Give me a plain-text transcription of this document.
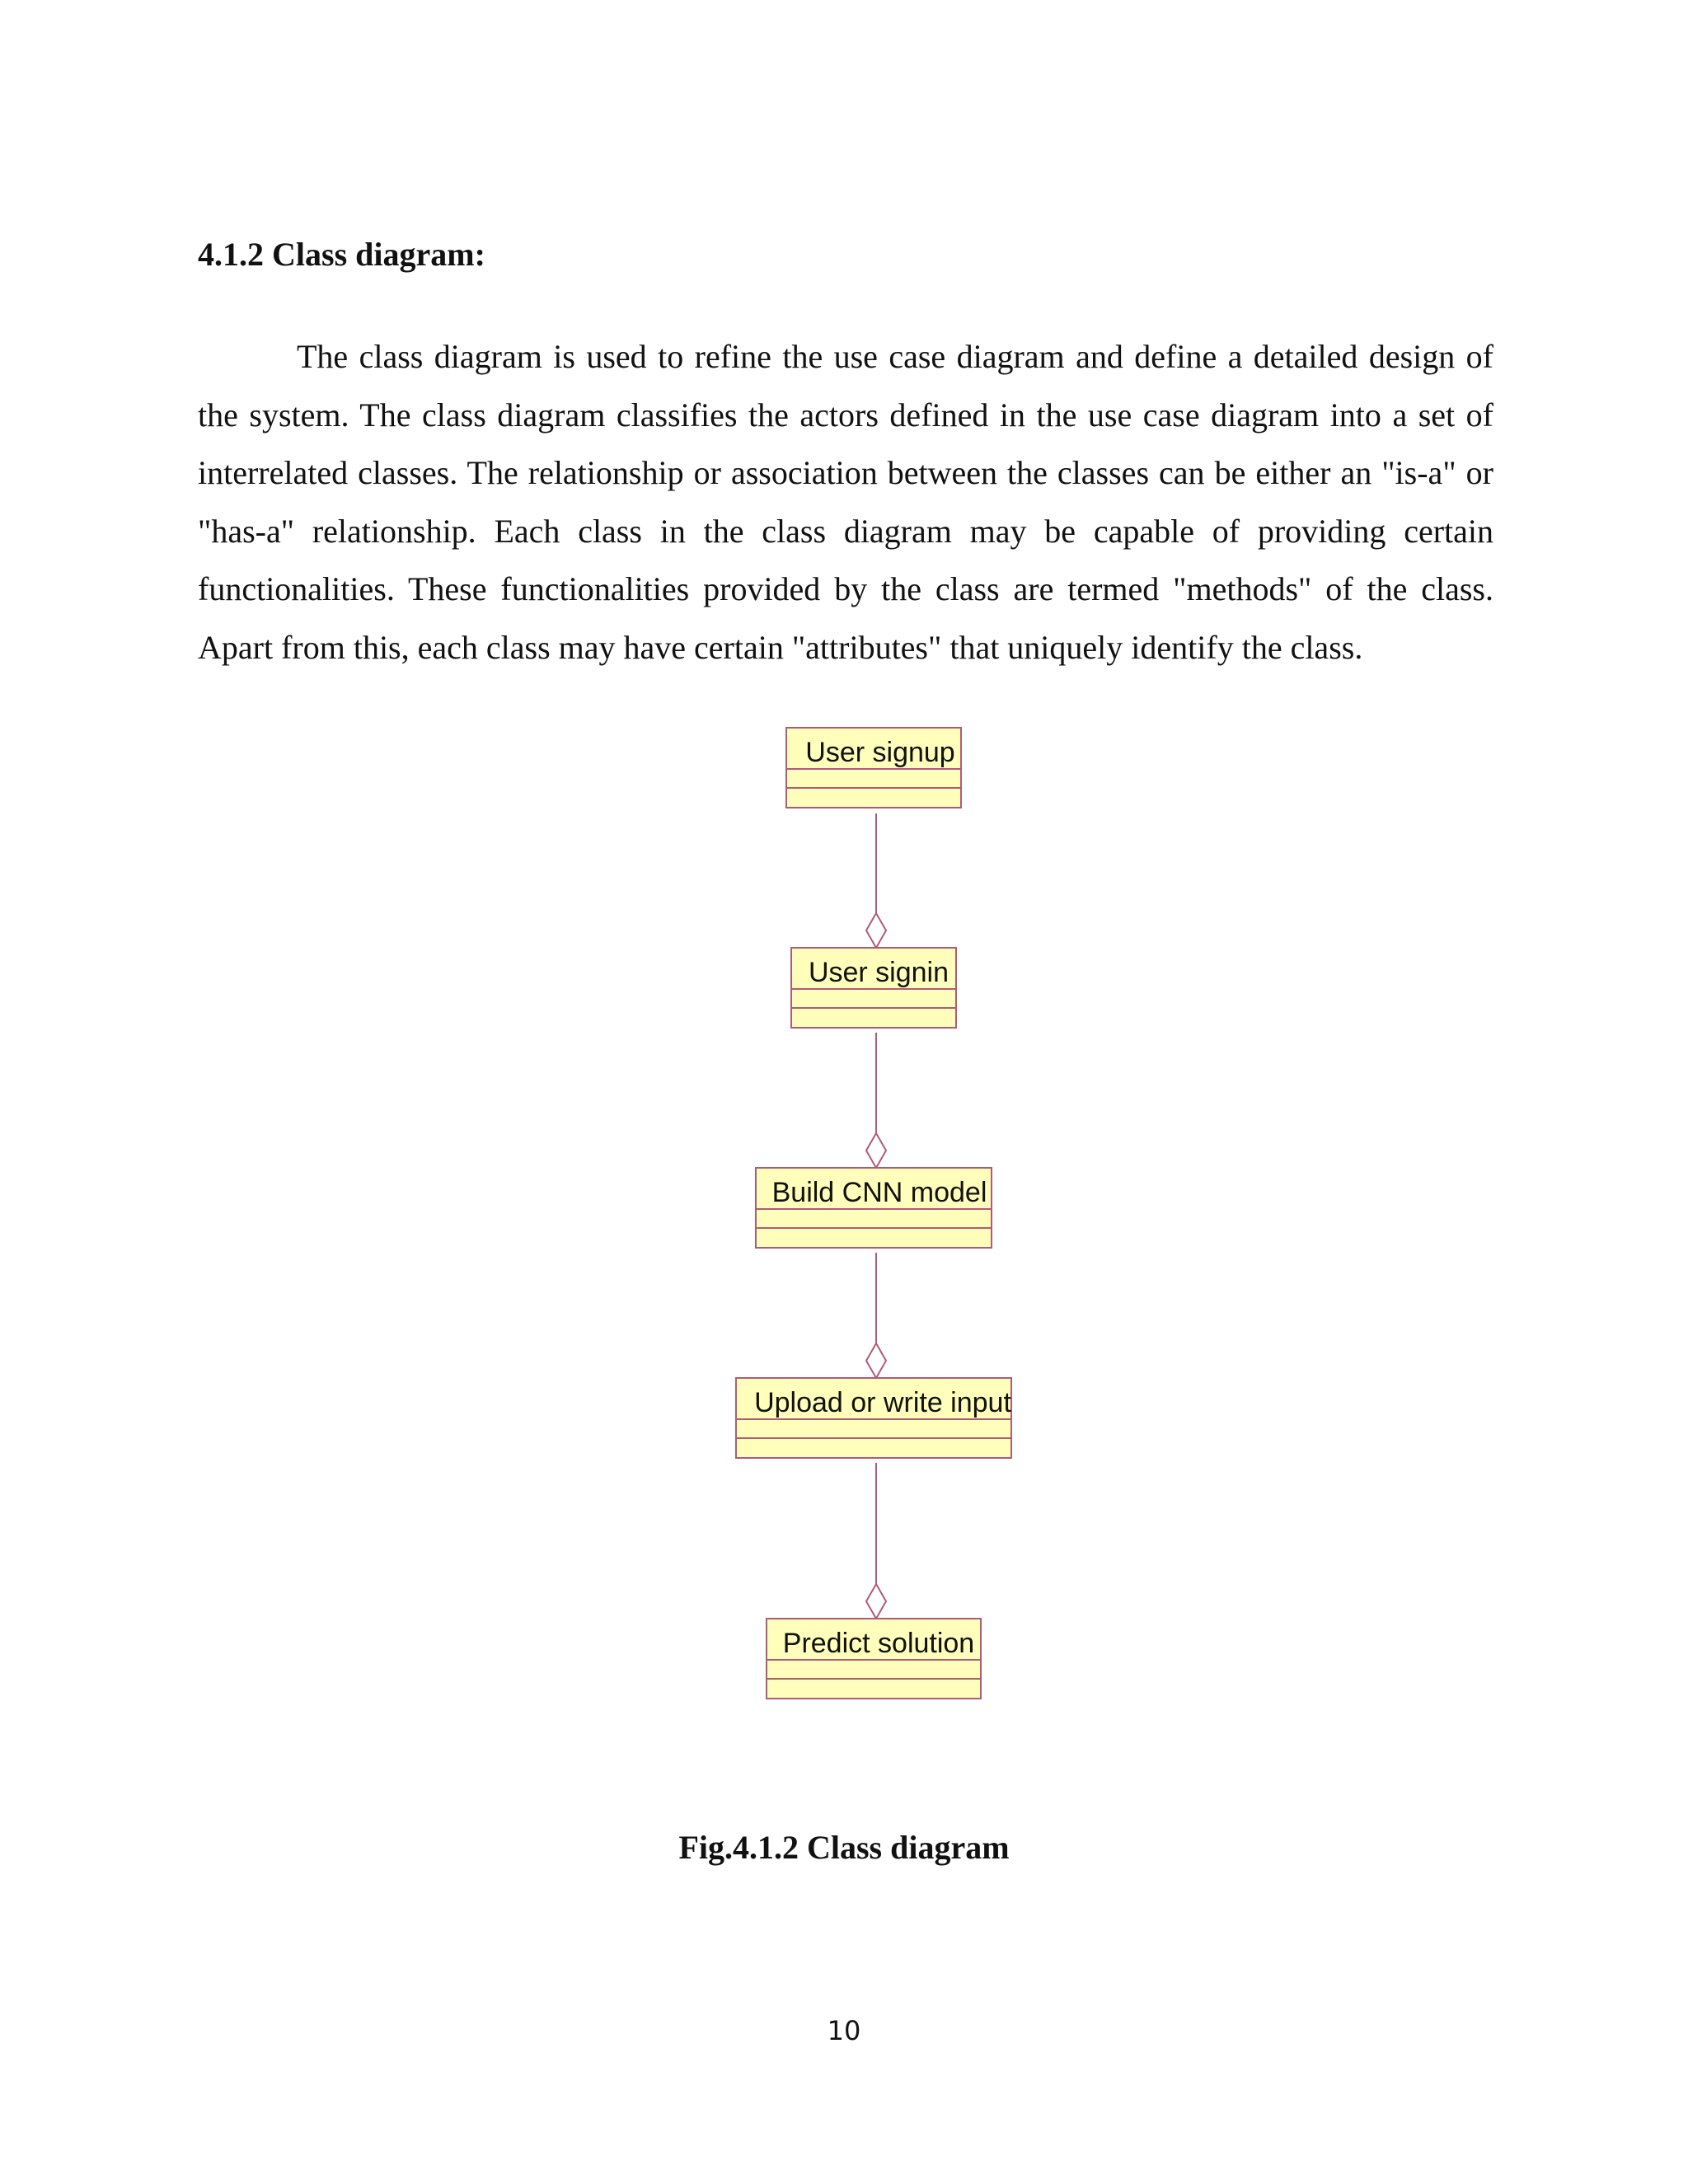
4.1.2 Class diagram:

The class diagram is used to refine the use case diagram and define a detailed design of the system. The class diagram classifies the actors defined in the use case diagram into a set of interrelated classes. The relationship or association between the classes can be either an "is-a" or "has-a" relationship. Each class in the class diagram may be capable of providing certain functionalities. These functionalities provided by the class are termed "methods" of the class. Apart from this, each class may have certain "attributes" that uniquely identify the class.

User signup
User signin
Build CNN model
Upload or write input
Predict solution

Fig.4.1.2 Class diagram

10
